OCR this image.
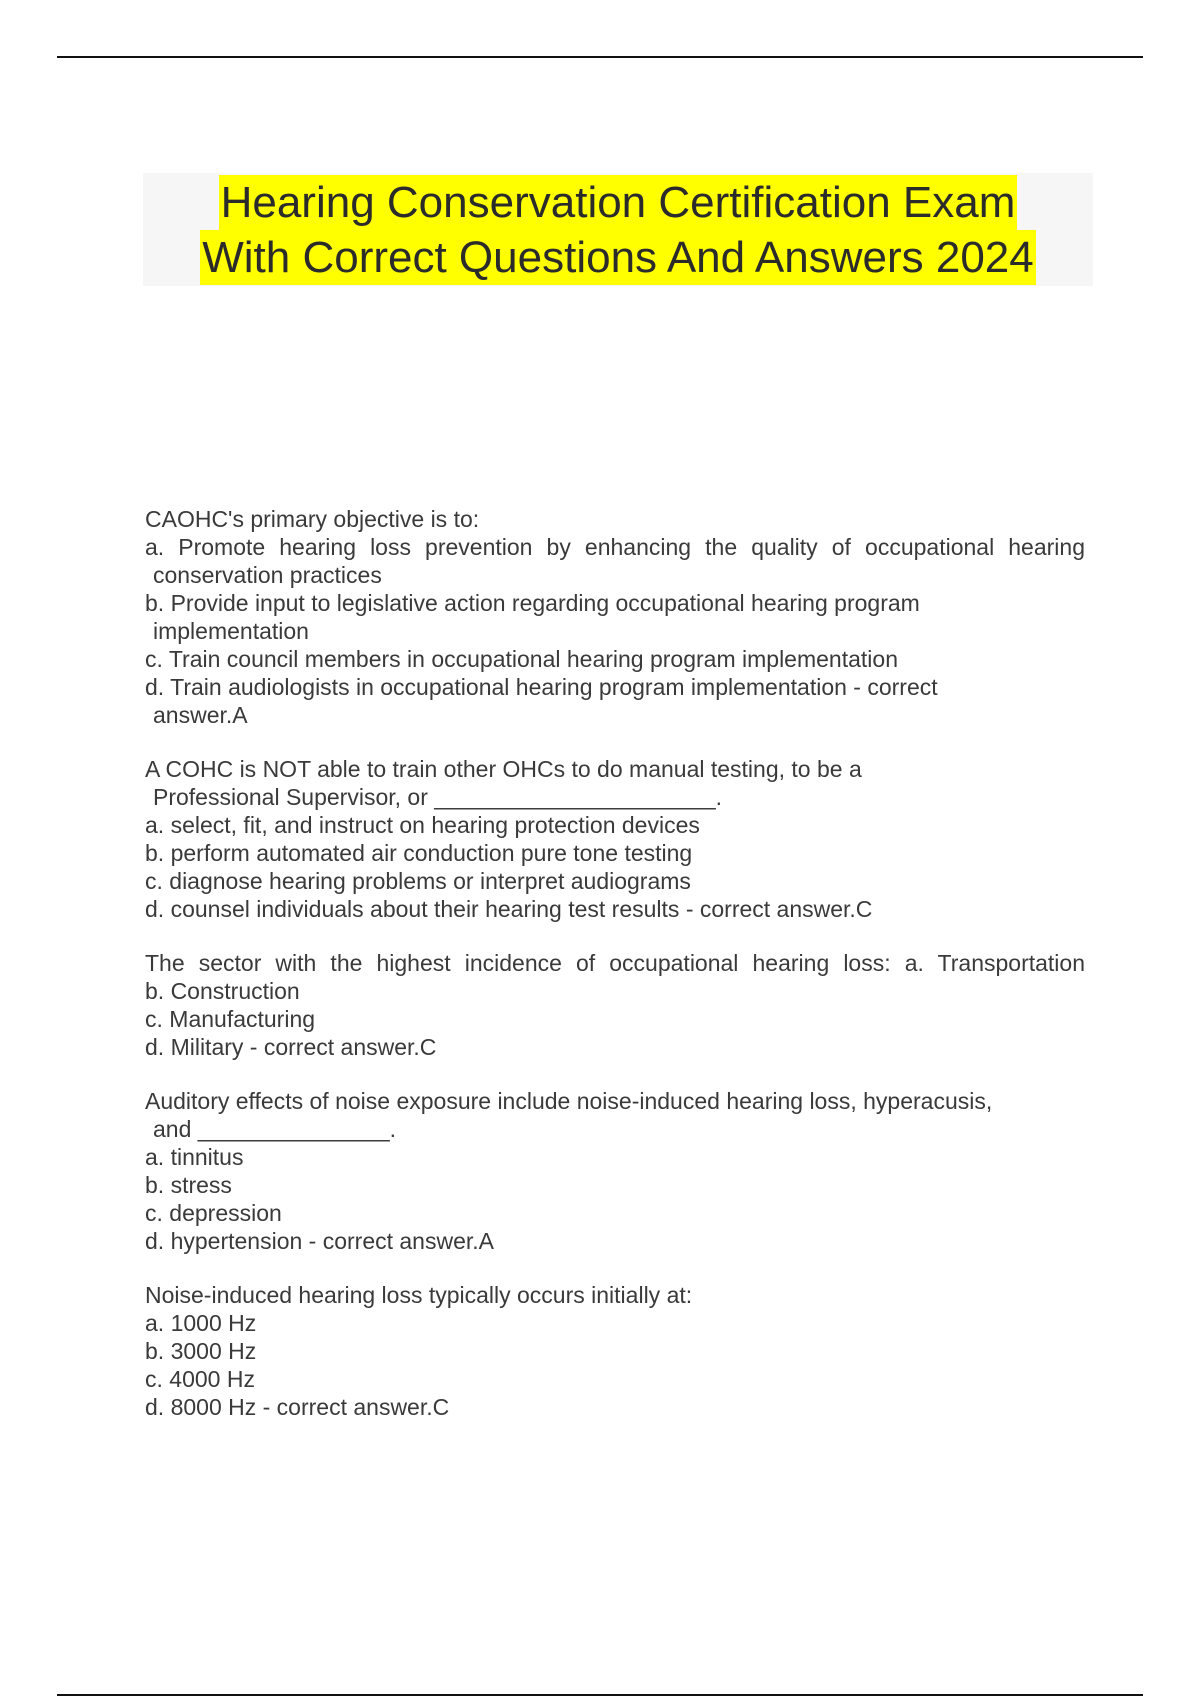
Hearing Conservation Certification Exam
With Correct Questions And Answers 2024
CAOHC's primary objective is to:
a. Promote hearing loss prevention by enhancing the quality of occupational hearing
conservation practices
b. Provide input to legislative action regarding occupational hearing program
implementation
c. Train council members in occupational hearing program implementation
d. Train audiologists in occupational hearing program implementation - correct
answer.A
A COHC is NOT able to train other OHCs to do manual testing, to be a
Professional Supervisor, or ______________________.
a. select, fit, and instruct on hearing protection devices
b. perform automated air conduction pure tone testing
c. diagnose hearing problems or interpret audiograms
d. counsel individuals about their hearing test results - correct answer.C
The sector with the highest incidence of occupational hearing loss: a. Transportation
b. Construction
c. Manufacturing
d. Military - correct answer.C
Auditory effects of noise exposure include noise-induced hearing loss, hyperacusis,
and _______________.
a. tinnitus
b. stress
c. depression
d. hypertension - correct answer.A
Noise-induced hearing loss typically occurs initially at:
a. 1000 Hz
b. 3000 Hz
c. 4000 Hz
d. 8000 Hz - correct answer.C
